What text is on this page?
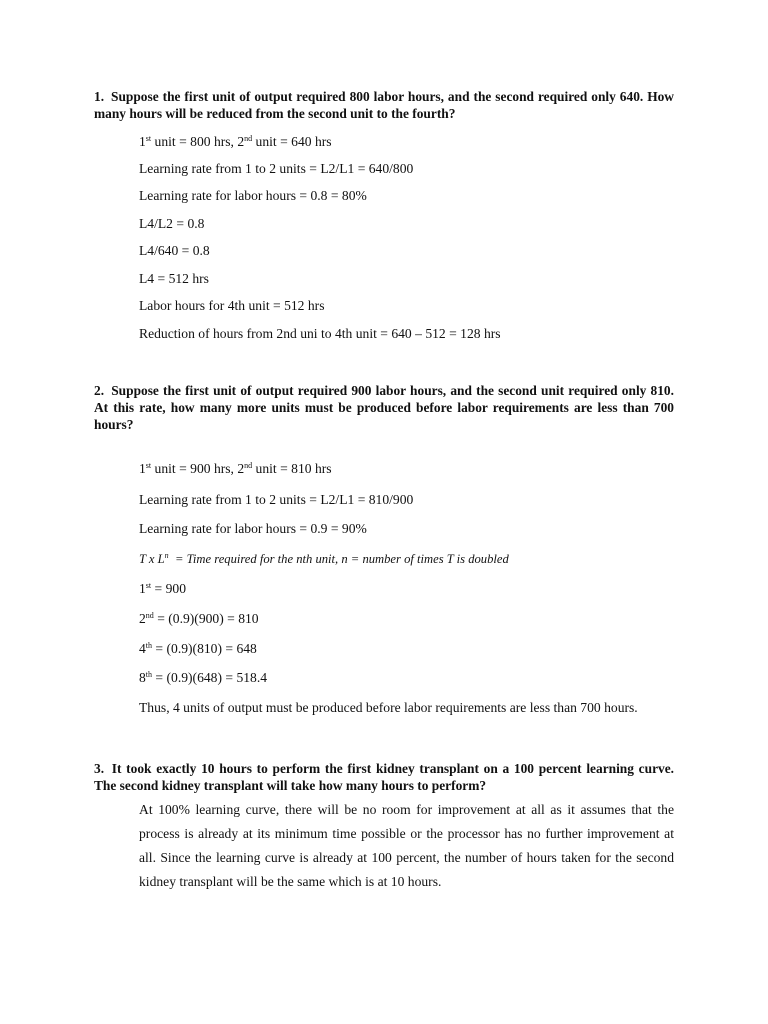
1. Suppose the first unit of output required 800 labor hours, and the second required only 640. How many hours will be reduced from the second unit to the fourth?
1st unit = 800 hrs, 2nd unit = 640 hrs
Learning rate from 1 to 2 units = L2/L1 = 640/800
Learning rate for labor hours = 0.8 = 80%
L4/L2 = 0.8
L4/640 = 0.8
L4 = 512 hrs
Labor hours for 4th unit = 512 hrs
Reduction of hours from 2nd uni to 4th unit = 640 – 512 = 128 hrs
2. Suppose the first unit of output required 900 labor hours, and the second unit required only 810. At this rate, how many more units must be produced before labor requirements are less than 700 hours?
1st unit = 900 hrs, 2nd unit = 810 hrs
Learning rate from 1 to 2 units = L2/L1 = 810/900
Learning rate for labor hours = 0.9 = 90%
T x $L^n$  = Time required for the nth unit, n = number of times T is doubled
1st = 900
2nd = (0.9)(900) = 810
4th = (0.9)(810) = 648
8th = (0.9)(648) = 518.4
Thus, 4 units of output must be produced before labor requirements are less than 700 hours.
3. It took exactly 10 hours to perform the first kidney transplant on a 100 percent learning curve. The second kidney transplant will take how many hours to perform?
At 100% learning curve, there will be no room for improvement at all as it assumes that the process is already at its minimum time possible or the processor has no further improvement at all. Since the learning curve is already at 100 percent, the number of hours taken for the second kidney transplant will be the same which is at 10 hours.
